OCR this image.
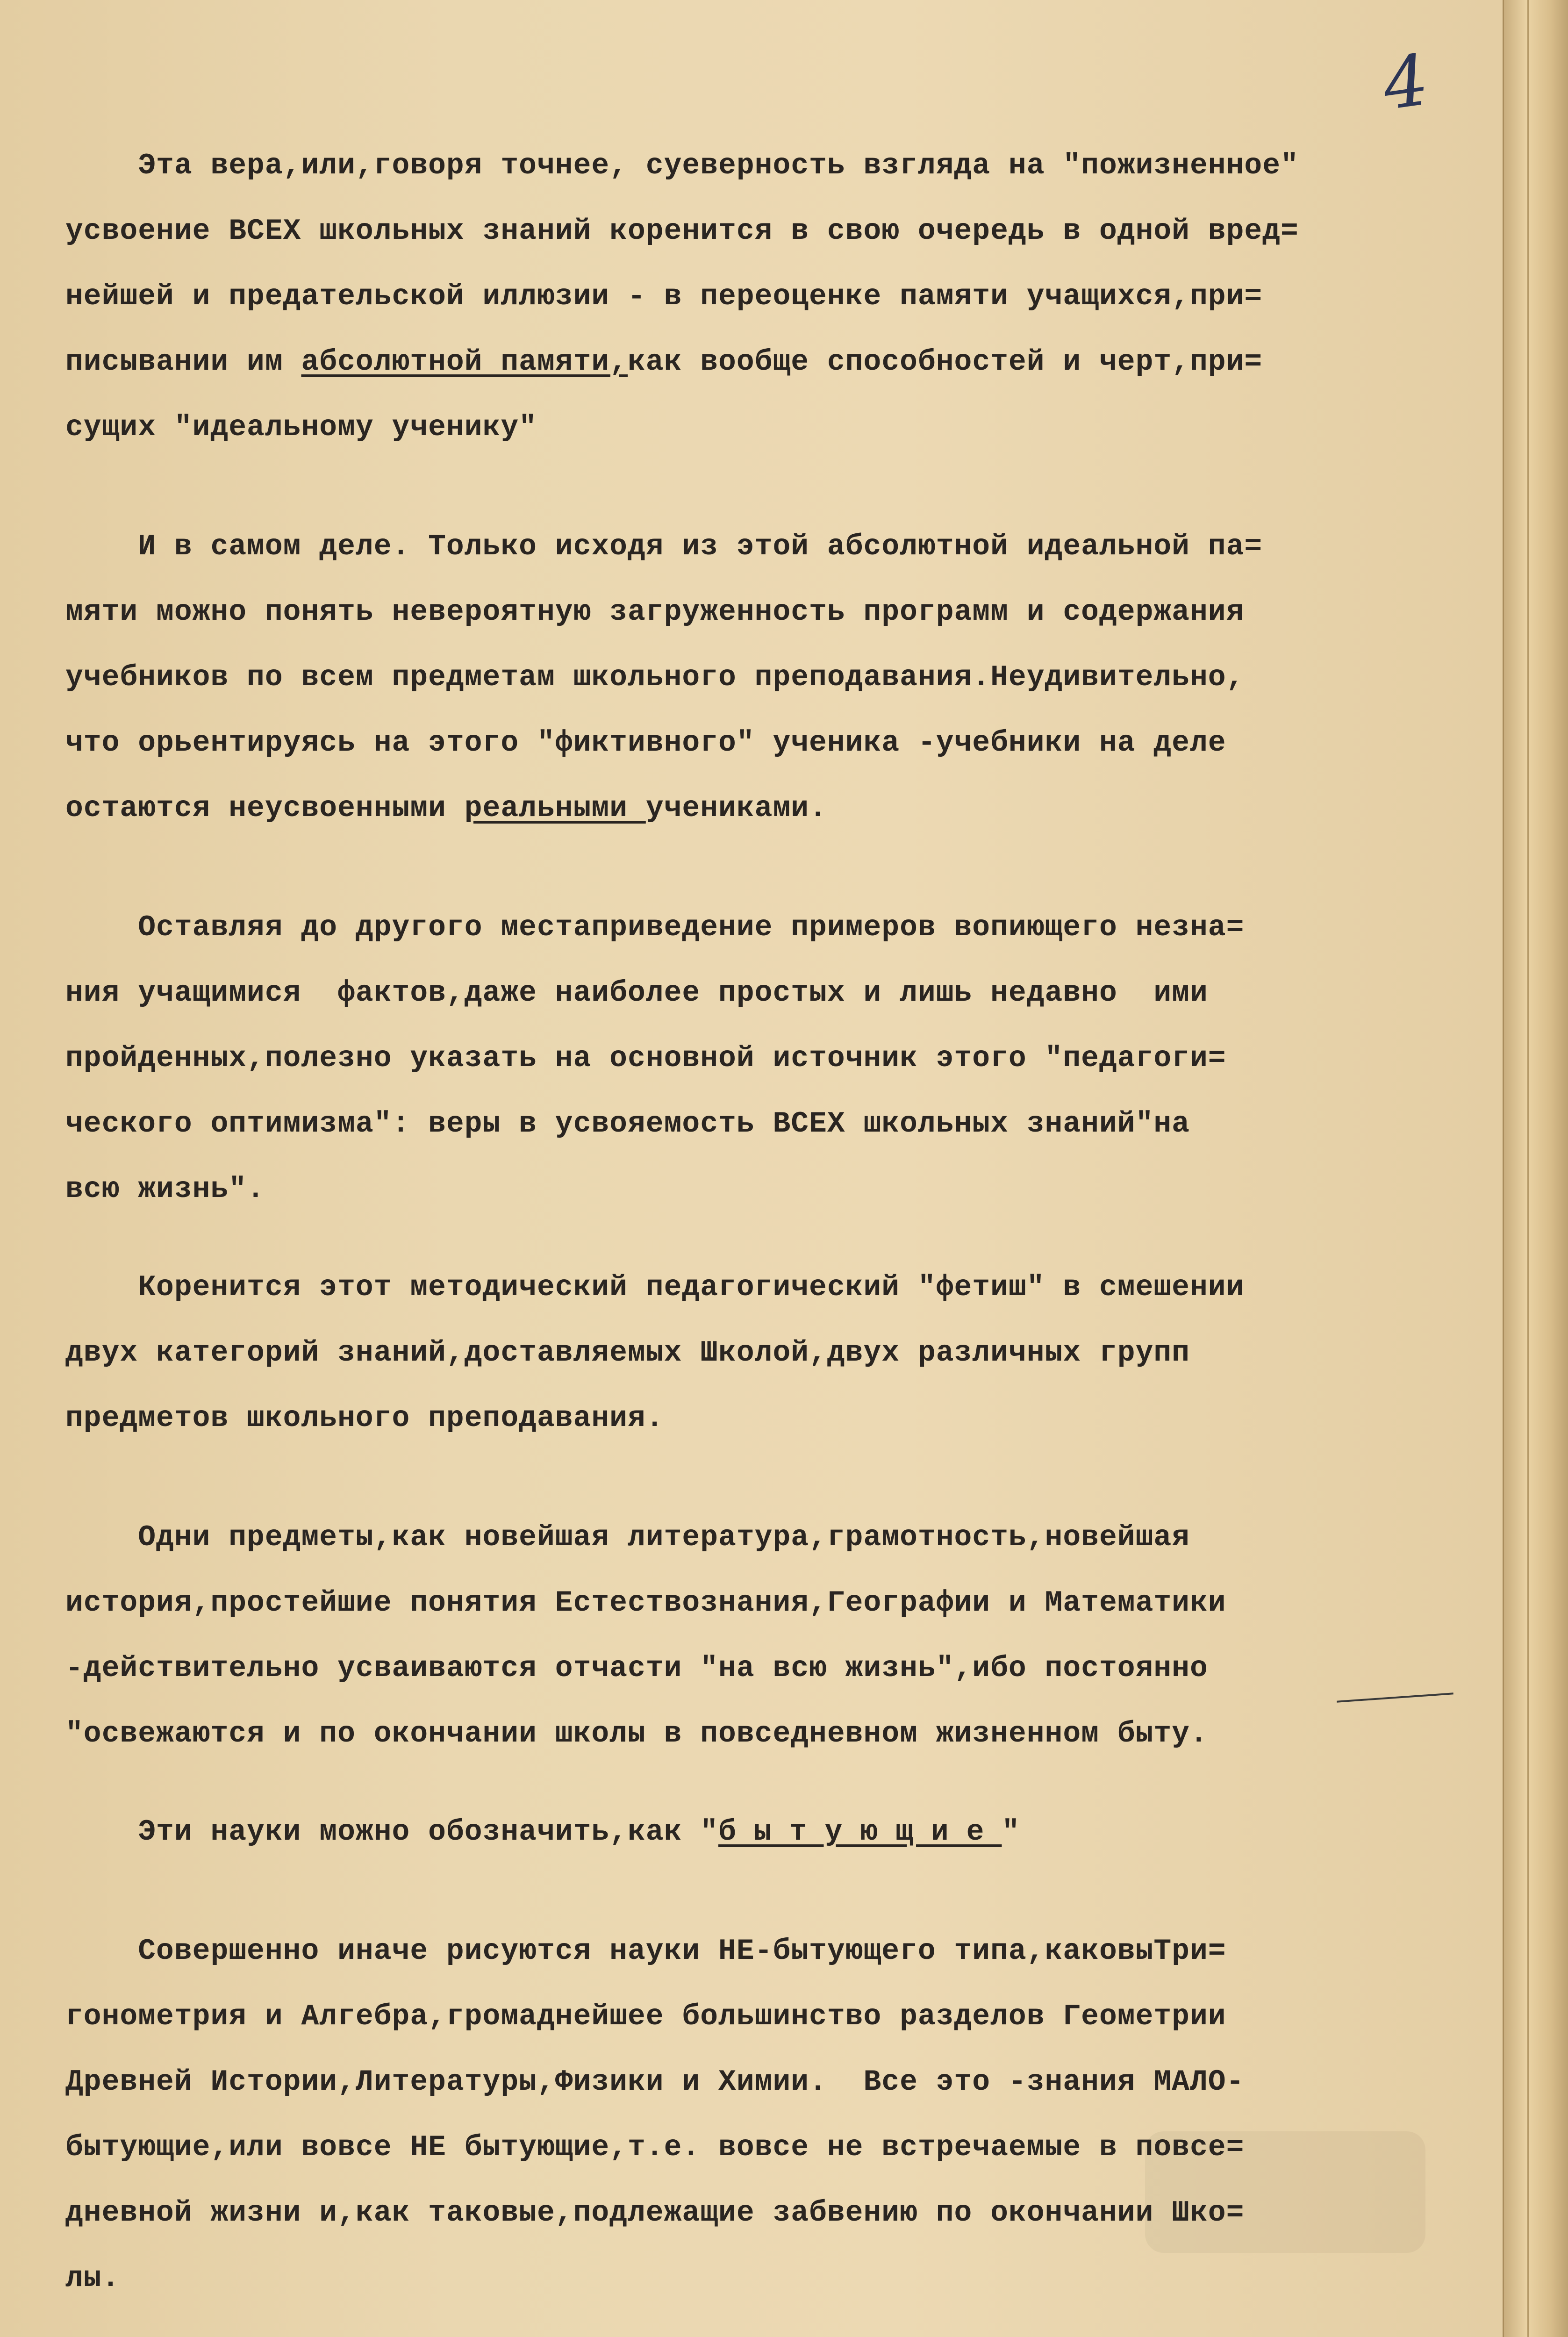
4
Эта вера,или,говоря точнее, суеверность взгляда на "пожизненное"
усвоение ВСЕХ школьных знаний коренится в свою очередь в одной вред=
нейшей и предательской иллюзии - в переоценке памяти учащихся,при=
писывании им абсолютной памяти,как вообще способностей и черт,при=
сущих "идеальному ученику"
И в самом деле. Только исходя из этой абсолютной идеальной па=
мяти можно понять невероятную загруженность программ и содержания
учебников по всем предметам школьного преподавания.Неудивительно,
что орьентируясь на этого "фиктивного" ученика -учебники на деле
остаются неусвоенными реальными учениками.
Оставляя до другого местаприведение примеров вопиющего незна=
ния учащимися  фактов,даже наиболее простых и лишь недавно  ими
пройденных,полезно указать на основной источник этого "педагоги=
ческого оптимизма": веры в усвояемость ВСЕХ школьных знаний"на
всю жизнь".
Коренится этот методический педагогический "фетиш" в смешении
двух категорий знаний,доставляемых Школой,двух различных групп
предметов школьного преподавания.
Одни предметы,как новейшая литература,грамотность,новейшая
история,простейшие понятия Естествознания,Географии и Математики
-действительно усваиваются отчасти "на всю жизнь",ибо постоянно
"освежаются и по окончании школы в повседневном жизненном быту.
Эти науки можно обозначить,как "бытующие"
Совершенно иначе рисуются науки НЕ-бытующего типа,каковыТри=
гонометрия и Алгебра,громаднейшее большинство разделов Геометрии
Древней Истории,Литературы,Физики и Химии.  Все это -знания МАЛО-
бытующие,или вовсе НЕ бытующие,т.е. вовсе не встречаемые в повсе=
дневной жизни и,как таковые,подлежащие забвению по окончании Шко=
лы.
